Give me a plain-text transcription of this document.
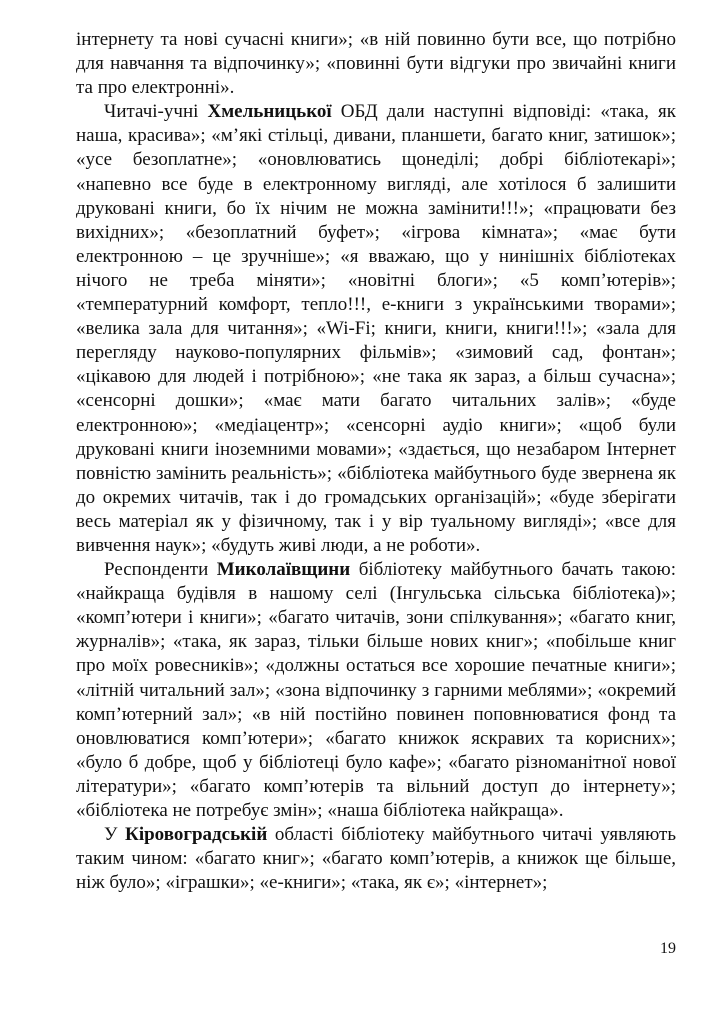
інтернету та нові сучасні книги»; «в ній повинно бути все, що потрібно для навчання та відпочинку»; «повинні бути відгуки про звичайні книги та про електронні».

Читачі-учні Хмельницької ОБД дали наступні відповіді: «така, як наша, красива»; «м’які стільці, дивани, планшети, багато книг, затишок»; «усе безоплатне»; «оновлюватись щонеділі; добрі бібліотекарі»; «напевно все буде в електронному вигляді, але хотілося б залишити друковані книги, бо їх нічим не можна замінити!!!»; «працювати без вихідних»; «безоплатний буфет»; «ігрова кімната»; «має бути електронною – це зручніше»; «я вважаю, що у нинішніх бібліотеках нічого не треба міняти»; «новітні блоги»; «5 комп’ютерів»; «температурний комфорт, тепло!!!, е-книги з українськими творами»; «велика зала для читання»; «Wi-Fi; книги, книги, книги!!!»; «зала для перегляду науково-популярних фільмів»; «зимовий сад, фонтан»; «цікавою для людей і потрібною»; «не така як зараз, а більш сучасна»; «сенсорні дошки»; «має мати багато читальних залів»; «буде електронною»; «медіацентр»; «сенсорні аудіо книги»; «щоб були друковані книги іноземними мовами»; «здається, що незабаром Інтернет повністю замінить реальність»; «бібліотека майбутнього буде звернена як до окремих читачів, так і до громадських організацій»; «буде зберігати весь матеріал як у фізичному, так і у вір туальному вигляді»; «все для вивчення наук»; «будуть живі люди, а не роботи».

Респонденти Миколаївщини бібліотеку майбутнього бачать такою: «найкраща будівля в нашому селі (Інгульська сільська бібліотека)»; «комп’ютери і книги»; «багато читачів, зони спілкування»; «багато книг, журналів»; «така, як зараз, тільки більше нових книг»; «побільше книг про моїх ровесників»; «должны остаться все хорошие печатные книги»; «літній читальний зал»; «зона відпочинку з гарними меблями»; «окремий комп’ютерний зал»; «в ній постійно повинен поповнюватися фонд та оновлюватися комп’ютери»; «багато книжок яскравих та корисних»; «було б добре, щоб у бібліотеці було кафе»; «багато різноманітної нової літератури»; «багато комп’ютерів та вільний доступ до інтернету»; «бібліотека не потребує змін»; «наша бібліотека найкраща».

У Кіровоградській області бібліотеку майбутнього читачі уявляють таким чином: «багато книг»; «багато комп’ютерів, а книжок ще більше, ніж було»; «іграшки»; «е-книги»; «така, як є»; «інтернет»;

19
